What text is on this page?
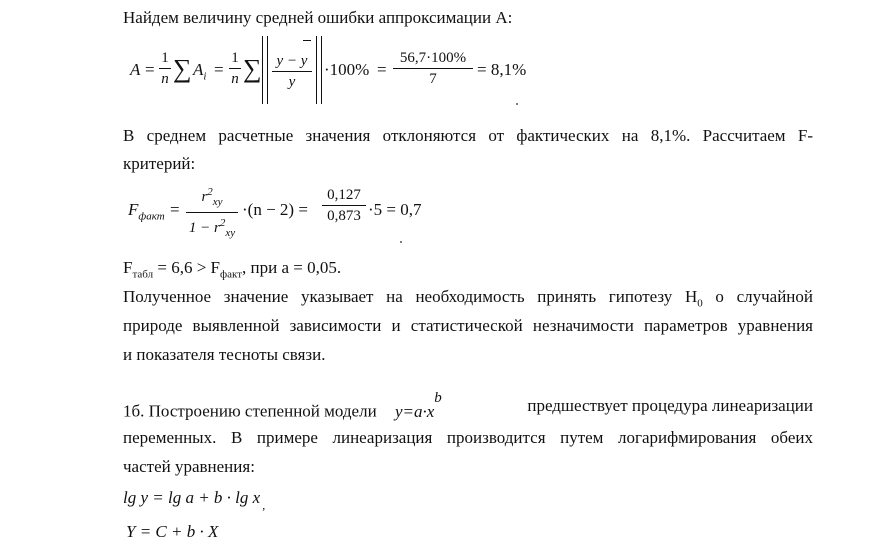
Найдем величину средней ошибки аппроксимации A:
A =
1
n ∑ $A_i$ =
1
n ∑ y − y
y
·100% =
56,7·100%
7 = 8,1%
В среднем расчетные значения отклоняются от фактических на 8,1%. Рассчитаем F-
критерий:
$F_{факт}$ =
$r^2_{xy}$
$1 - r^2_{xy}$
·(n − 2) =
0,127
0,873 ·5 = 0,7
$F_{табл} = 6,6 > F_{факт}$, при а = 0,05.
Полученное значение указывает на необходимость принять гипотезу $H_0$ о случайной
природе выявленной зависимости и статистической незначимости параметров уравнения
и показателя тесноты связи.
1б. Построению степенной модели $y=a\cdot x^b$	предшествует процедура линеаризации
переменных. В примере линеаризация производится путем логарифмирования обеих
частей уравнения:
lg y = lg a + b · lg x $_,$
Y = C + b · X
